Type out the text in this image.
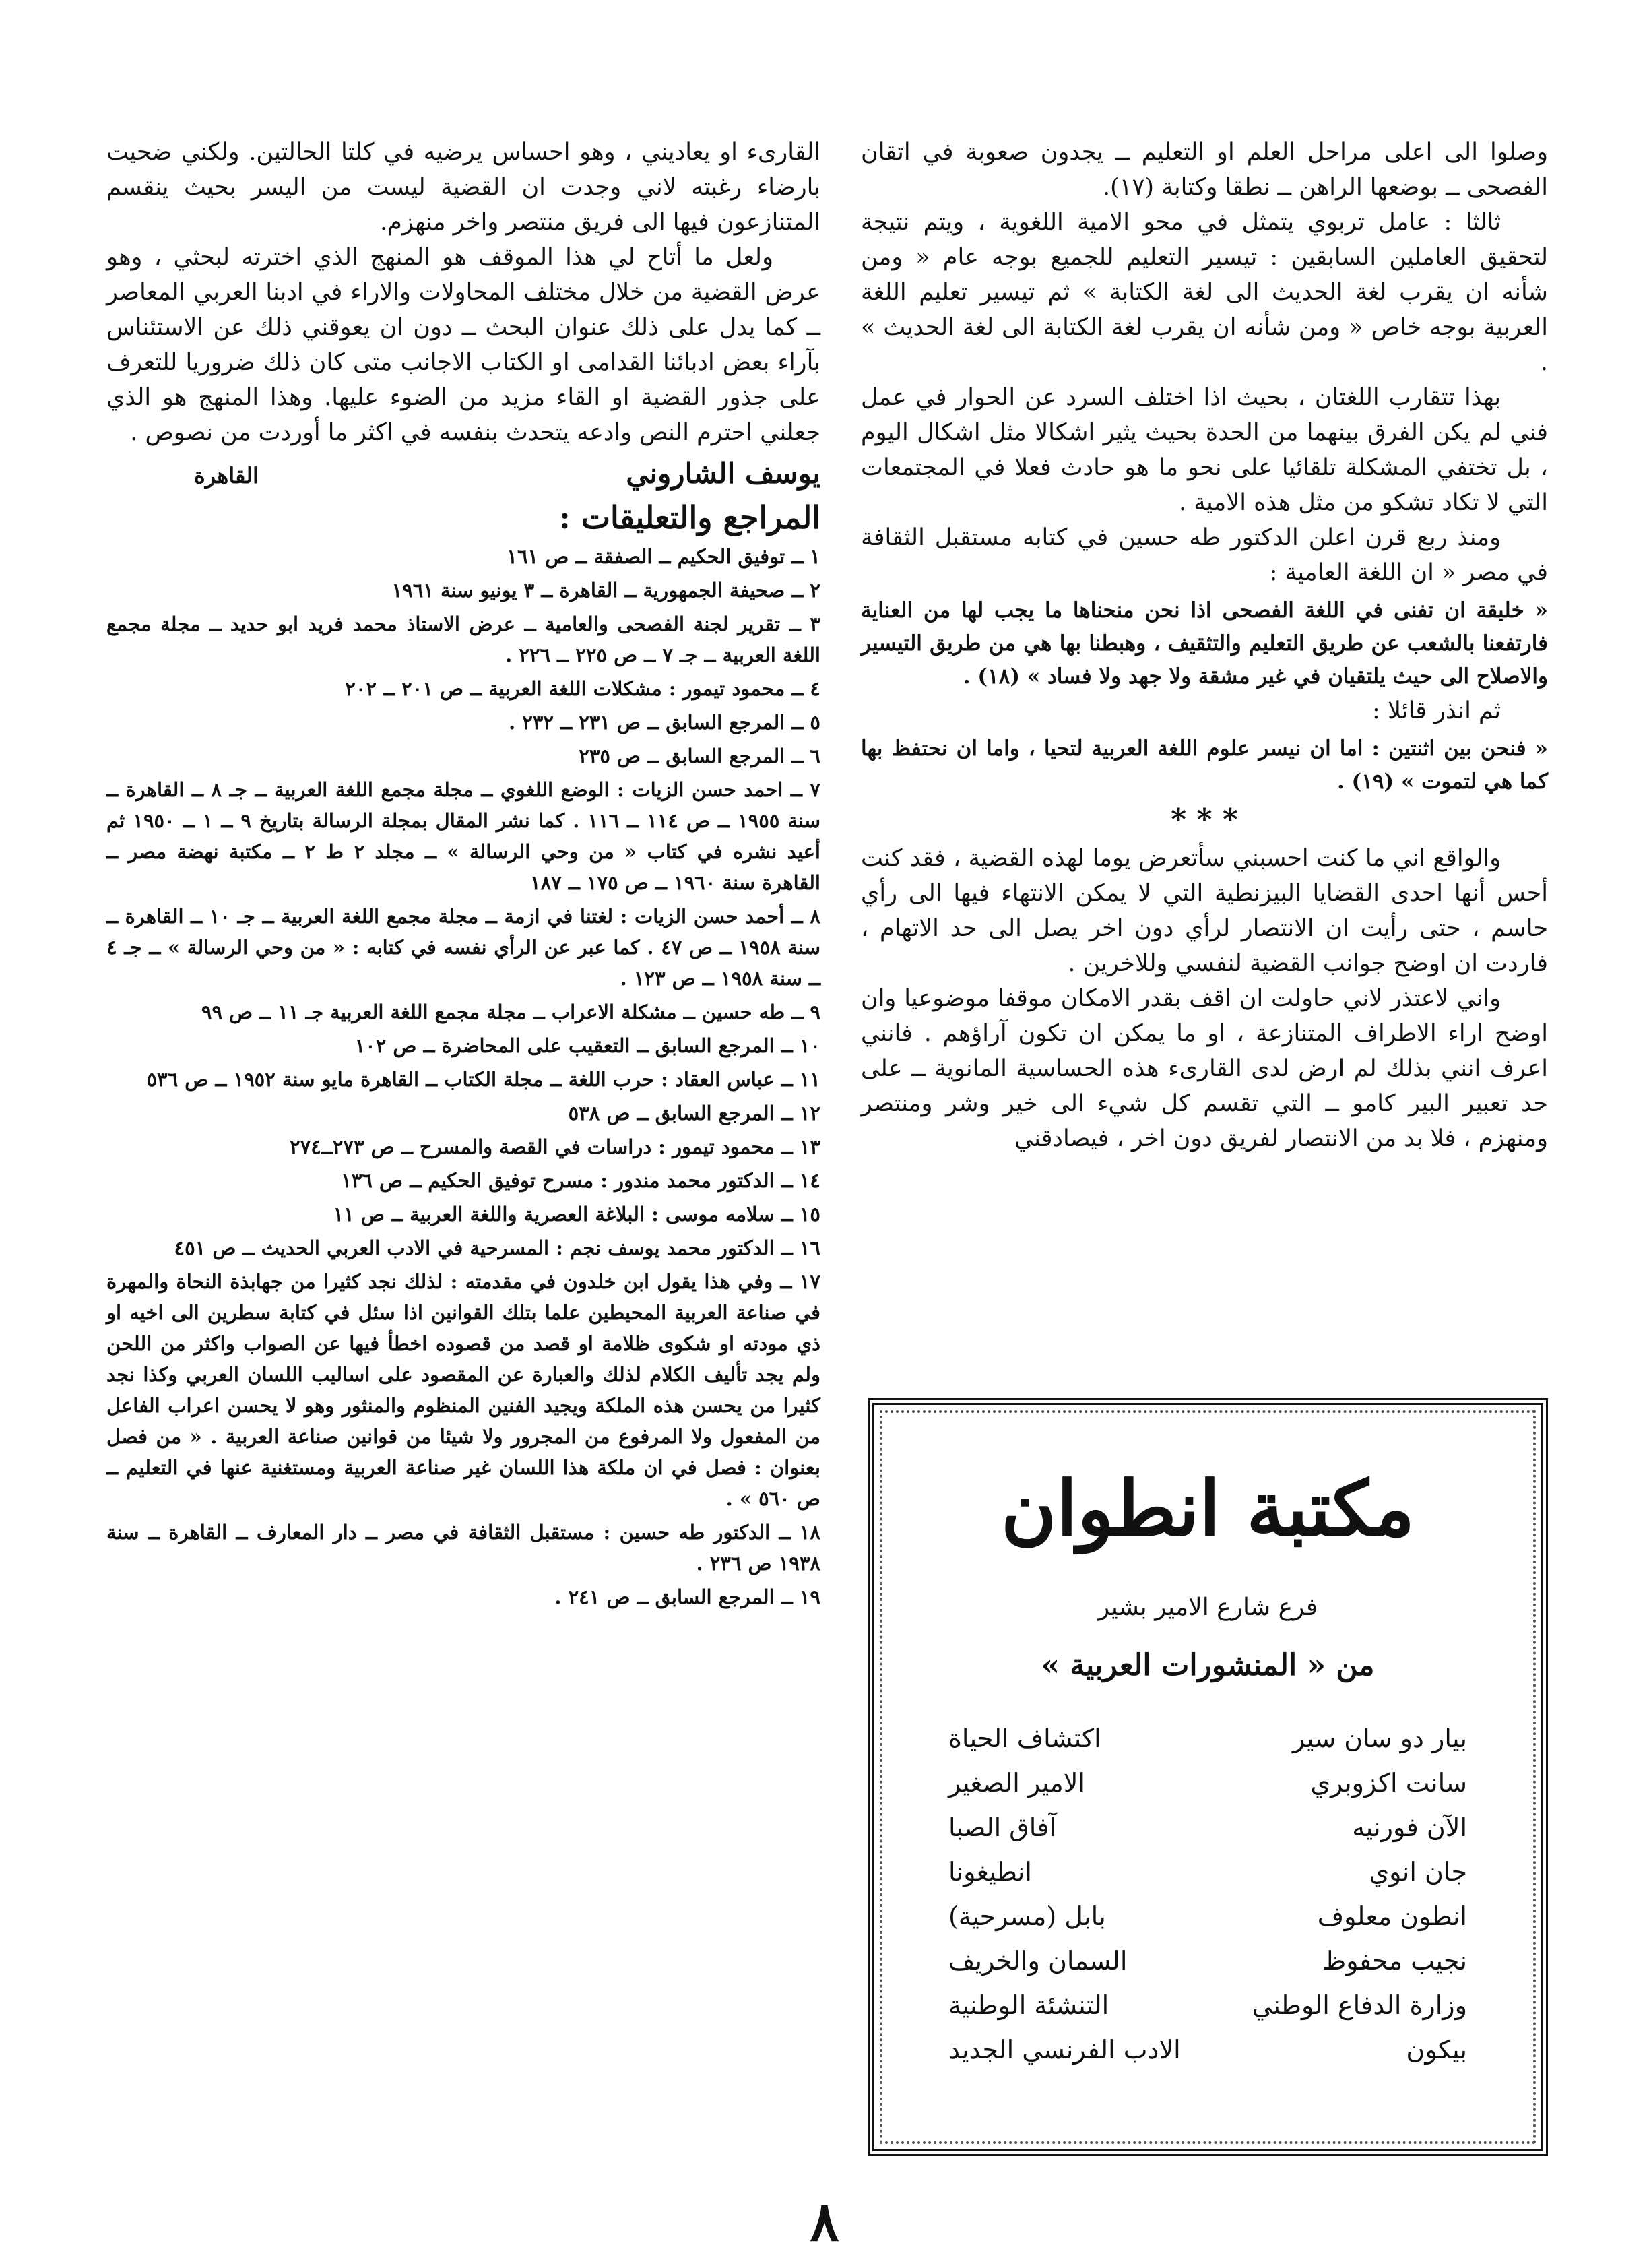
وصلوا الى اعلى مراحل العلم او التعليم ــ يجدون صعوبة في اتقان الفصحى ــ بوضعها الراهن ــ نطقا وكتابة (١٧).

ثالثا : عامل تربوي يتمثل في محو الامية اللغوية ، ويتم نتيجة لتحقيق العاملين السابقين : تيسير التعليم للجميع بوجه عام « ومن شأنه ان يقرب لغة الحديث الى لغة الكتابة » ثم تيسير تعليم اللغة العربية بوجه خاص « ومن شأنه ان يقرب لغة الكتابة الى لغة الحديث » .

بهذا تتقارب اللغتان ، بحيث اذا اختلف السرد عن الحوار في عمل فني لم يكن الفرق بينهما من الحدة بحيث يثير اشكالا مثل اشكال اليوم ، بل تختفي المشكلة تلقائيا على نحو ما هو حادث فعلا في المجتمعات التي لا تكاد تشكو من مثل هذه الامية .

ومنذ ربع قرن اعلن الدكتور طه حسين في كتابه مستقبل الثقافة في مصر « ان اللغة العامية :

« خليقة ان تفنى في اللغة الفصحى اذا نحن منحناها ما يجب لها من العناية فارتفعنا بالشعب عن طريق التعليم والتثقيف ، وهبطنا بها هي من طريق التيسير والاصلاح الى حيث يلتقيان في غير مشقة ولا جهد ولا فساد » (١٨) .

ثم انذر قائلا :

« فنحن بين اثنتين : اما ان نيسر علوم اللغة العربية لتحيا ، واما ان نحتفظ بها كما هي لتموت » (١٩) .

* * *

والواقع اني ما كنت احسبني سأتعرض يوما لهذه القضية ، فقد كنت أحس أنها احدى القضايا البيزنطية التي لا يمكن الانتهاء فيها الى رأي حاسم ، حتى رأيت ان الانتصار لرأي دون اخر يصل الى حد الاتهام ، فاردت ان اوضح جوانب القضية لنفسي وللاخرين .

واني لاعتذر لاني حاولت ان اقف بقدر الامكان موقفا موضوعيا وان اوضح اراء الاطراف المتنازعة ، او ما يمكن ان تكون آراؤهم . فانني اعرف انني بذلك لم ارض لدى القارىء هذه الحساسية المانوية ــ على حد تعبير البير كامو ــ التي تقسم كل شيء الى خير وشر ومنتصر ومنهزم ، فلا بد من الانتصار لفريق دون اخر ، فيصادقني

القارىء او يعاديني ، وهو احساس يرضيه في كلتا الحالتين. ولكني ضحيت بارضاء رغبته لاني وجدت ان القضية ليست من اليسر بحيث ينقسم المتنازعون فيها الى فريق منتصر واخر منهزم.

ولعل ما أتاح لي هذا الموقف هو المنهج الذي اخترته لبحثي ، وهو عرض القضية من خلال مختلف المحاولات والاراء في ادبنا العربي المعاصر ــ كما يدل على ذلك عنوان البحث ــ دون ان يعوقني ذلك عن الاستئناس بآراء بعض ادبائنا القدامى او الكتاب الاجانب متى كان ذلك ضروريا للتعرف على جذور القضية او القاء مزيد من الضوء عليها. وهذا المنهج هو الذي جعلني احترم النص وادعه يتحدث بنفسه في اكثر ما أوردت من نصوص .

يوسف الشاروني
القاهرة
المراجع والتعليقات :

١ ــ توفيق الحكيم ــ الصفقة ــ ص ١٦١

٢ ــ صحيفة الجمهورية ــ القاهرة ــ ٣ يونيو سنة ١٩٦١

٣ ــ تقرير لجنة الفصحى والعامية ــ عرض الاستاذ محمد فريد ابو حديد ــ مجلة مجمع اللغة العربية ــ جـ ٧ ــ ص ٢٢٥ ــ ٢٢٦ .

٤ ــ محمود تيمور : مشكلات اللغة العربية ــ ص ٢٠١ ــ ٢٠٢

٥ ــ المرجع السابق ــ ص ٢٣١ ــ ٢٣٢ .

٦ ــ المرجع السابق ــ ص ٢٣٥

٧ ــ احمد حسن الزيات : الوضع اللغوي ــ مجلة مجمع اللغة العربية ــ جـ ٨ ــ القاهرة ــ سنة ١٩٥٥ ــ ص ١١٤ ــ ١١٦ . كما نشر المقال بمجلة الرسالة بتاريخ ٩ ــ ١ ــ ١٩٥٠ ثم أعيد نشره في كتاب « من وحي الرسالة » ــ مجلد ٢ ط ٢ ــ مكتبة نهضة مصر ــ القاهرة سنة ١٩٦٠ ــ ص ١٧٥ ــ ١٨٧

٨ ــ أحمد حسن الزيات : لغتنا في ازمة ــ مجلة مجمع اللغة العربية ــ جـ ١٠ ــ القاهرة ــ سنة ١٩٥٨ ــ ص ٤٧ . كما عبر عن الرأي نفسه في كتابه : « من وحي الرسالة » ــ جـ ٤ ــ سنة ١٩٥٨ ــ ص ١٢٣ .

٩ ــ طه حسين ــ مشكلة الاعراب ــ مجلة مجمع اللغة العربية جـ ١١ ــ ص ٩٩

١٠ ــ المرجع السابق ــ التعقيب على المحاضرة ــ ص ١٠٢

١١ ــ عباس العقاد : حرب اللغة ــ مجلة الكتاب ــ القاهرة مايو سنة ١٩٥٢ ــ ص ٥٣٦

١٢ ــ المرجع السابق ــ ص ٥٣٨

١٣ ــ محمود تيمور : دراسات في القصة والمسرح ــ ص ٢٧٣ــ٢٧٤

١٤ ــ الدكتور محمد مندور : مسرح توفيق الحكيم ــ ص ١٣٦

١٥ ــ سلامه موسى : البلاغة العصرية واللغة العربية ــ ص ١١

١٦ ــ الدكتور محمد يوسف نجم : المسرحية في الادب العربي الحديث ــ ص ٤٥١

١٧ ــ وفي هذا يقول ابن خلدون في مقدمته : لذلك نجد كثيرا من جهابذة النحاة والمهرة في صناعة العربية المحيطين علما بتلك القوانين اذا سئل في كتابة سطرين الى اخيه او ذي مودته او شكوى ظلامة او قصد من قصوده اخطأ فيها عن الصواب واكثر من اللحن ولم يجد تأليف الكلام لذلك والعبارة عن المقصود على اساليب اللسان العربي وكذا نجد كثيرا من يحسن هذه الملكة ويجيد الفنين المنظوم والمنثور وهو لا يحسن اعراب الفاعل من المفعول ولا المرفوع من المجرور ولا شيئا من قوانين صناعة العربية . « من فصل بعنوان : فصل في ان ملكة هذا اللسان غير صناعة العربية ومستغنية عنها في التعليم ــ ص ٥٦٠ » .

١٨ ــ الدكتور طه حسين : مستقبل الثقافة في مصر ــ دار المعارف ــ القاهرة ــ سنة ١٩٣٨ ص ٢٣٦ .

١٩ ــ المرجع السابق ــ ص ٢٤١ .

مكتبة انطوان
فرع شارع الامير بشير
من « المنشورات العربية »
بيار دو سان سير
اكتشاف الحياة
سانت اكزوبري
الامير الصغير
الآن فورنيه
آفاق الصبا
جان انوي
انطيغونا
انطون معلوف
بابل (مسرحية)
نجيب محفوظ
السمان والخريف
وزارة الدفاع الوطني
التنشئة الوطنية
بيكون
الادب الفرنسي الجديد
٨
